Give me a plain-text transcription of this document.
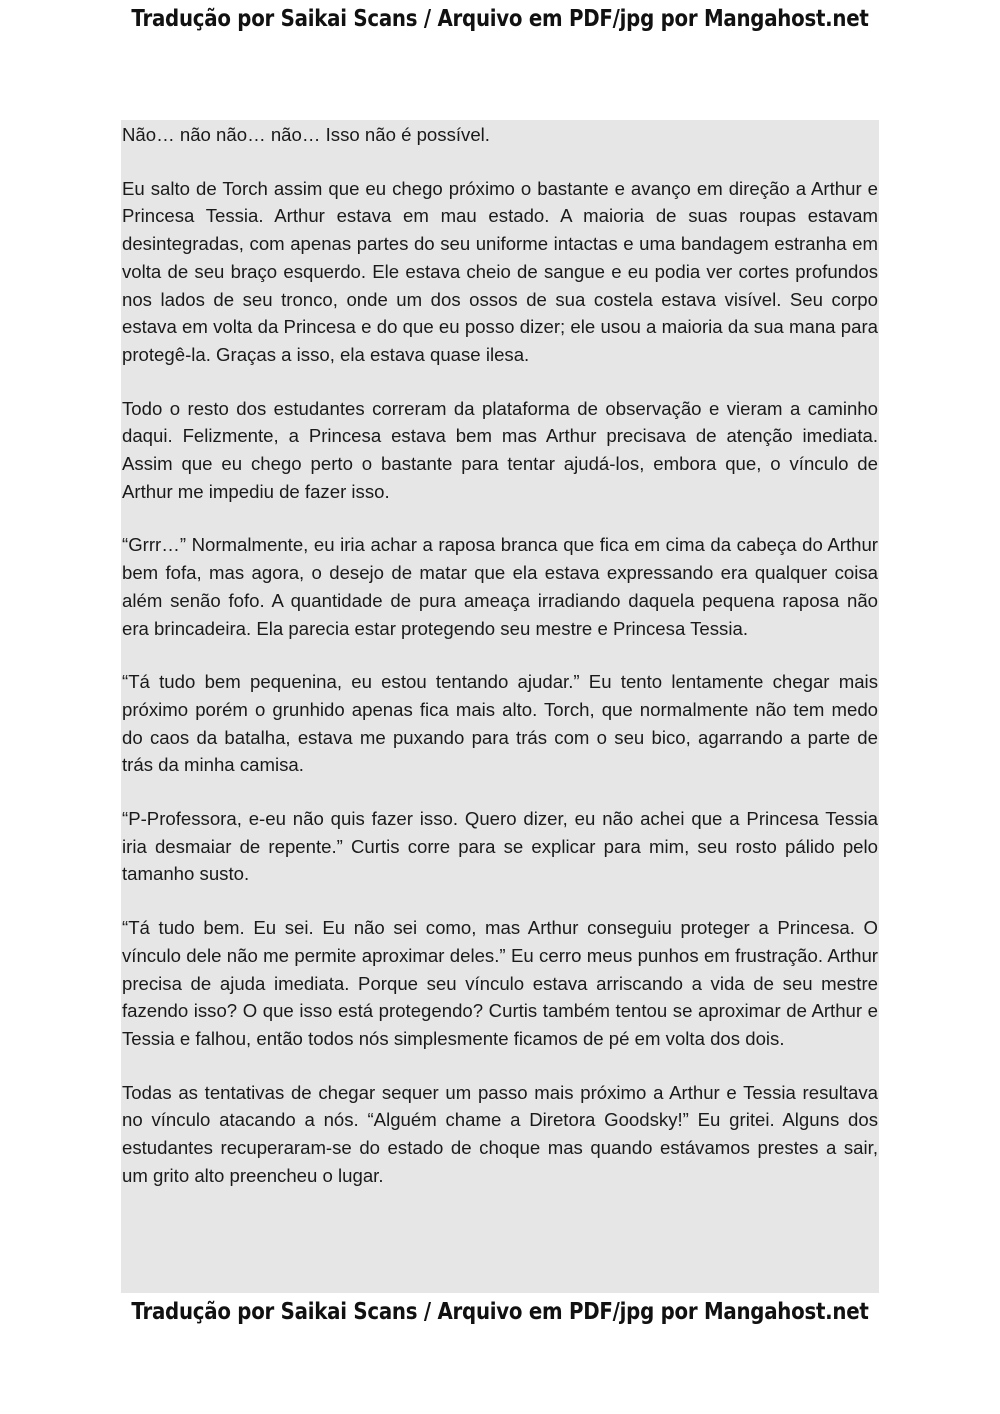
Tradução por Saikai Scans / Arquivo em PDF/jpg por Mangahost.net

Não… não não… não… Isso não é possível.

Eu salto de Torch assim que eu chego próximo o bastante e avanço em direção a Arthur e Princesa Tessia. Arthur estava em mau estado. A maioria de suas roupas estavam desintegradas, com apenas partes do seu uniforme intactas e uma bandagem estranha em volta de seu braço esquerdo. Ele estava cheio de sangue e eu podia ver cortes profundos nos lados de seu tronco, onde um dos ossos de sua costela estava visível. Seu corpo estava em volta da Princesa e do que eu posso dizer; ele usou a maioria da sua mana para protegê-la. Graças a isso, ela estava quase ilesa.

Todo o resto dos estudantes correram da plataforma de observação e vieram a caminho daqui. Felizmente, a Princesa estava bem mas Arthur precisava de atenção imediata. Assim que eu chego perto o bastante para tentar ajudá-los, embora que, o vínculo de Arthur me impediu de fazer isso.

“Grrr…” Normalmente, eu iria achar a raposa branca que fica em cima da cabeça do Arthur bem fofa, mas agora, o desejo de matar que ela estava expressando era qualquer coisa além senão fofo. A quantidade de pura ameaça irradiando daquela pequena raposa não era brincadeira. Ela parecia estar protegendo seu mestre e Princesa Tessia.

“Tá tudo bem pequenina, eu estou tentando ajudar.” Eu tento lentamente chegar mais próximo porém o grunhido apenas fica mais alto. Torch, que normalmente não tem medo do caos da batalha, estava me puxando para trás com o seu bico, agarrando a parte de trás da minha camisa.

“P-Professora, e-eu não quis fazer isso. Quero dizer, eu não achei que a Princesa Tessia iria desmaiar de repente.” Curtis corre para se explicar para mim, seu rosto pálido pelo tamanho susto.

“Tá tudo bem. Eu sei. Eu não sei como, mas Arthur conseguiu proteger a Princesa. O vínculo dele não me permite aproximar deles.” Eu cerro meus punhos em frustração. Arthur precisa de ajuda imediata. Porque seu vínculo estava arriscando a vida de seu mestre fazendo isso? O que isso está protegendo? Curtis também tentou se aproximar de Arthur e Tessia e falhou, então todos nós simplesmente ficamos de pé em volta dos dois.

Todas as tentativas de chegar sequer um passo mais próximo a Arthur e Tessia resultava no vínculo atacando a nós. “Alguém chame a Diretora Goodsky!” Eu gritei. Alguns dos estudantes recuperaram-se do estado de choque mas quando estávamos prestes a sair, um grito alto preencheu o lugar.

Tradução por Saikai Scans / Arquivo em PDF/jpg por Mangahost.net
